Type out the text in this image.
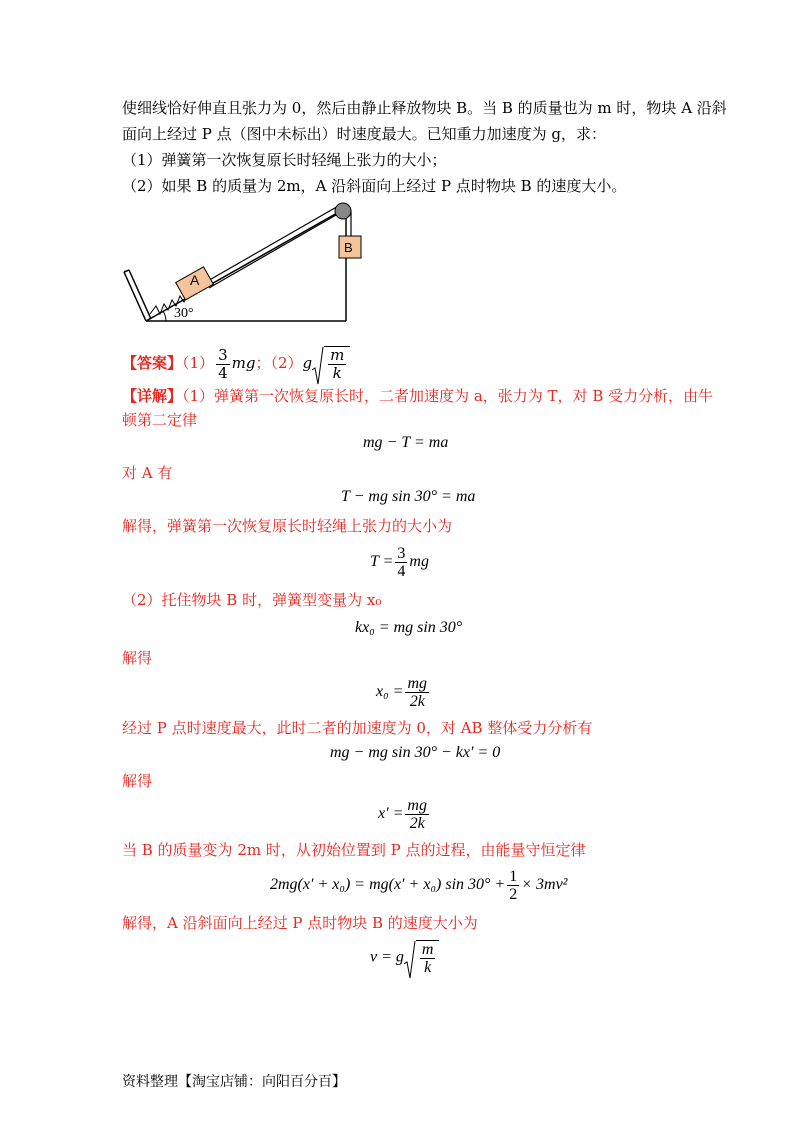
使细线恰好伸直且张力为 0，然后由静止释放物块 B。当 B 的质量也为 m 时，物块 A 沿斜
面向上经过 P 点（图中未标出）时速度最大。已知重力加速度为 g，求：
（1）弹簧第一次恢复原长时轻绳上张力的大小；
（2）如果 B 的质量为 2m，A 沿斜面向上经过 P 点时物块 B 的速度大小。
A
B
30°
【答案】$(1) \frac{3}{4}$ mg；$(2)g \frac{m}{k}$
【详解】（1）弹簧第一次恢复原长时，二者加速度为 a，张力为 T，对 B 受力分析，由牛
顿第二定律
mg − T = ma
对 A 有
T − mg sin 30° = ma
解得，弹簧第一次恢复原长时轻绳上张力的大小为
$T = \frac{3}{4}$ mg
（2）托住物块 B 时，弹簧型变量为 x₀
kx₀ = mg sin 30°
解得
$x_0 = \frac{mg}{2k}$
经过 P 点时速度最大，此时二者的加速度为 0，对 AB 整体受力分析有
mg − mg sin 30° − kx′ = 0
解得
$x' = \frac{mg}{2k}$
当 B 的质量变为 2m 时，从初始位置到 P 点的过程，由能量守恒定律
2mg(x′ + x₀) = mg(x′ + x₀) $\sin 30^\circ + \frac{1}{2} \times 3mv^2$
解得，A 沿斜面向上经过 P 点时物块 B 的速度大小为
v = g $\frac{m}{k}$
资料整理【淘宝店铺：向阳百分百】
